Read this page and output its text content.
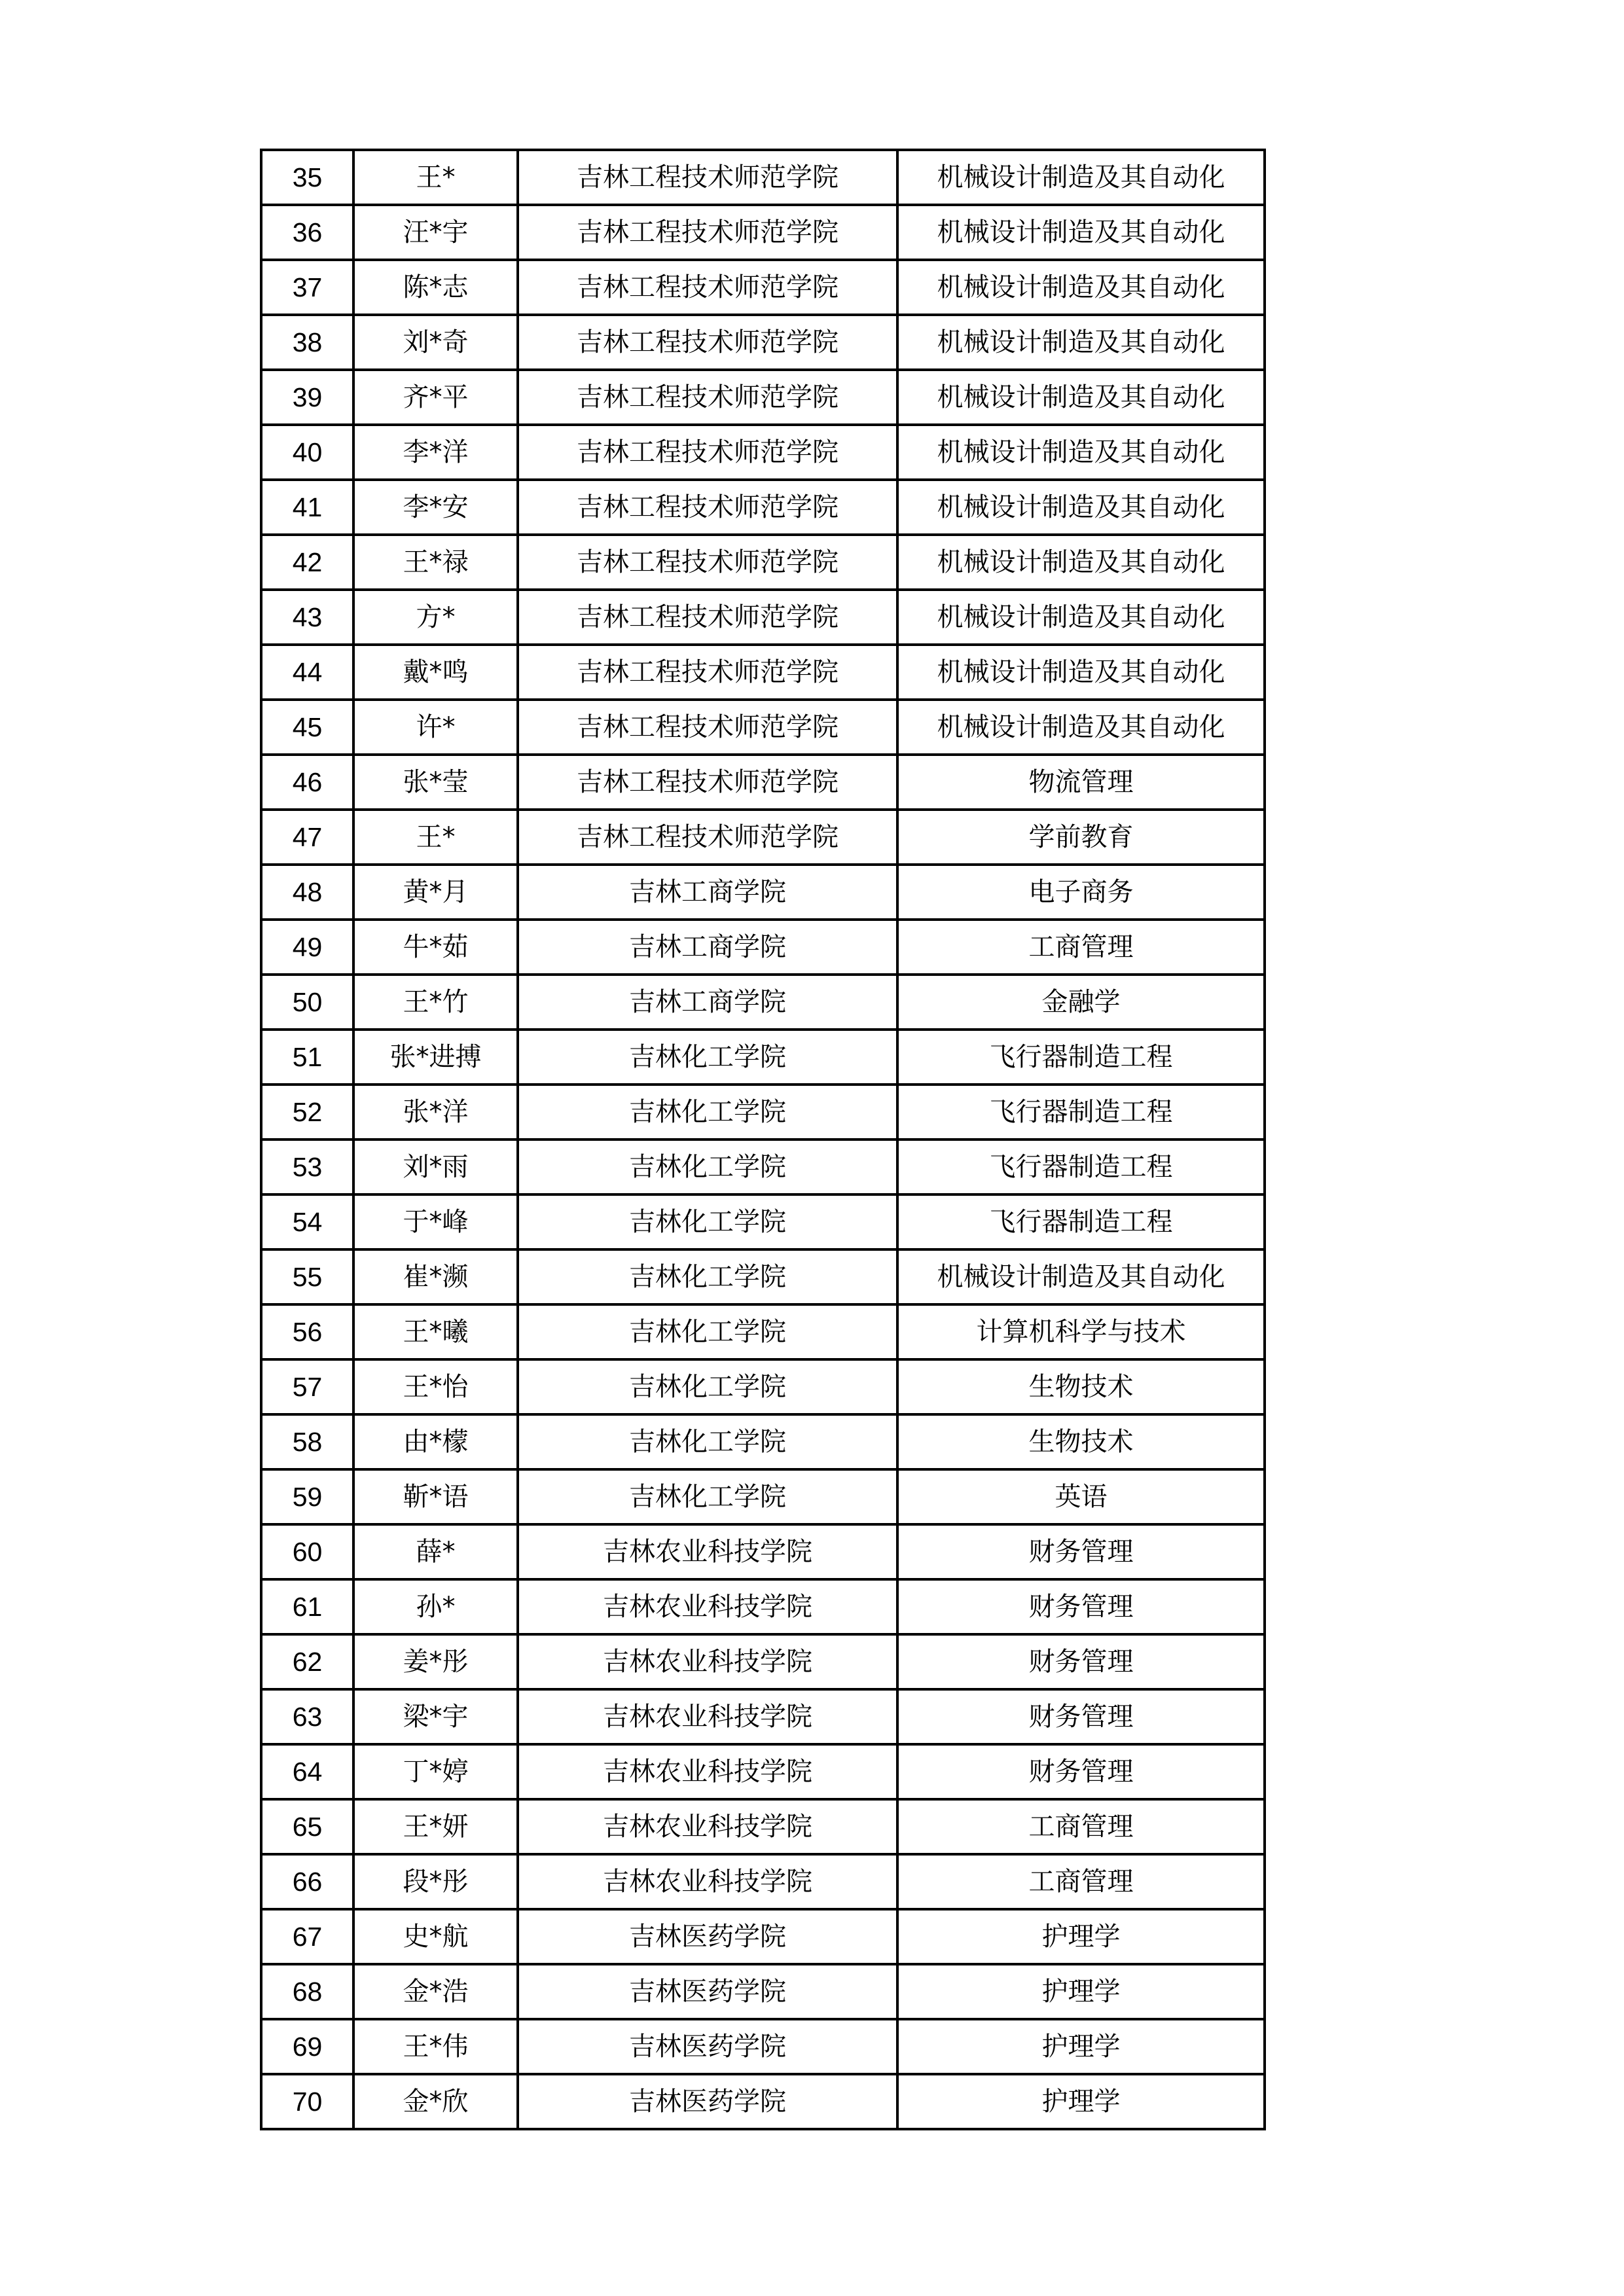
35	王*	吉林工程技术师范学院	机械设计制造及其自动化
36	汪*宇	吉林工程技术师范学院	机械设计制造及其自动化
37	陈*志	吉林工程技术师范学院	机械设计制造及其自动化
38	刘*奇	吉林工程技术师范学院	机械设计制造及其自动化
39	齐*平	吉林工程技术师范学院	机械设计制造及其自动化
40	李*洋	吉林工程技术师范学院	机械设计制造及其自动化
41	李*安	吉林工程技术师范学院	机械设计制造及其自动化
42	王*禄	吉林工程技术师范学院	机械设计制造及其自动化
43	方*	吉林工程技术师范学院	机械设计制造及其自动化
44	戴*鸣	吉林工程技术师范学院	机械设计制造及其自动化
45	许*	吉林工程技术师范学院	机械设计制造及其自动化
46	张*莹	吉林工程技术师范学院	物流管理
47	王*	吉林工程技术师范学院	学前教育
48	黄*月	吉林工商学院	电子商务
49	牛*茹	吉林工商学院	工商管理
50	王*竹	吉林工商学院	金融学
51	张*进搏	吉林化工学院	飞行器制造工程
52	张*洋	吉林化工学院	飞行器制造工程
53	刘*雨	吉林化工学院	飞行器制造工程
54	于*峰	吉林化工学院	飞行器制造工程
55	崔*濒	吉林化工学院	机械设计制造及其自动化
56	王*曦	吉林化工学院	计算机科学与技术
57	王*怡	吉林化工学院	生物技术
58	由*檬	吉林化工学院	生物技术
59	靳*语	吉林化工学院	英语
60	薛*	吉林农业科技学院	财务管理
61	孙*	吉林农业科技学院	财务管理
62	姜*彤	吉林农业科技学院	财务管理
63	梁*宇	吉林农业科技学院	财务管理
64	丁*婷	吉林农业科技学院	财务管理
65	王*妍	吉林农业科技学院	工商管理
66	段*彤	吉林农业科技学院	工商管理
67	史*航	吉林医药学院	护理学
68	金*浩	吉林医药学院	护理学
69	王*伟	吉林医药学院	护理学
70	金*欣	吉林医药学院	护理学
